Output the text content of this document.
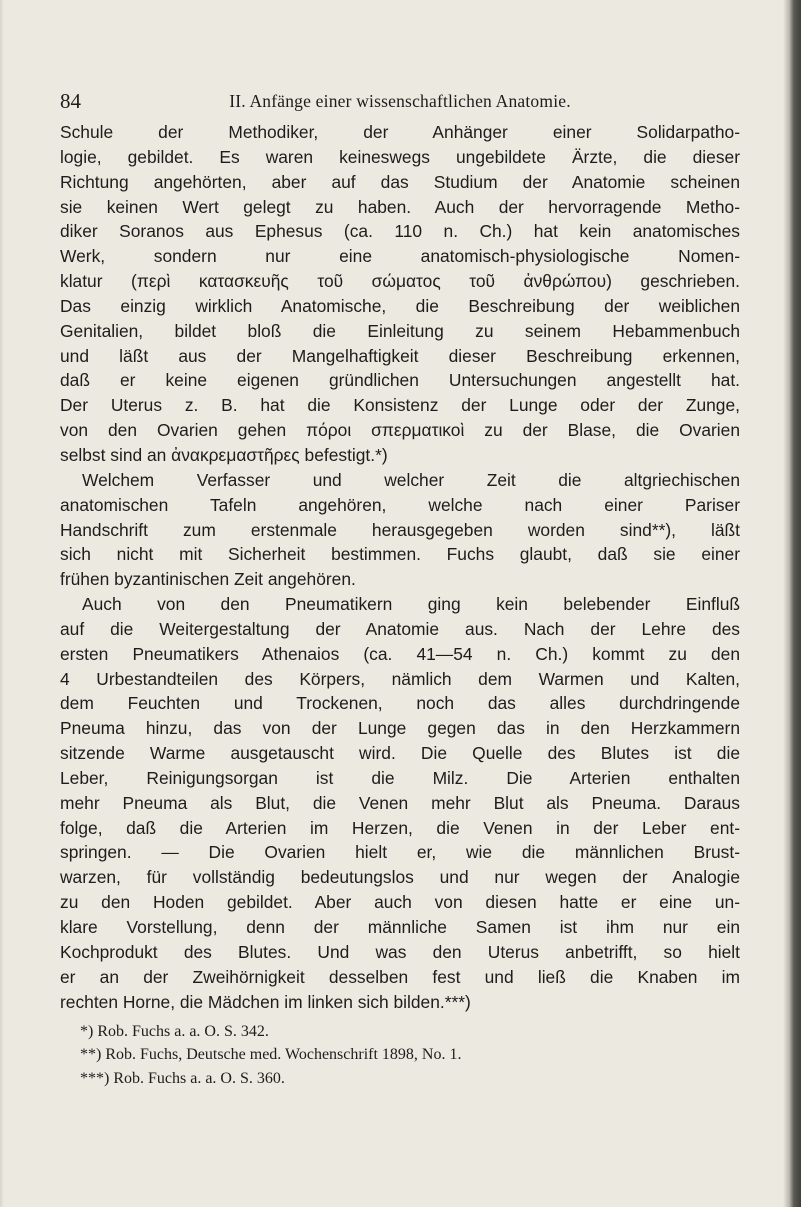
84	II. Anfänge einer wissenschaftlichen Anatomie.
Schule der Methodiker, der Anhänger einer Solidarpatho-
logie, gebildet. Es waren keineswegs ungebildete Ärzte, die dieser
Richtung angehörten, aber auf das Studium der Anatomie scheinen
sie keinen Wert gelegt zu haben. Auch der hervorragende Metho-
diker Soranos aus Ephesus (ca. 110 n. Ch.) hat kein anatomisches
Werk, sondern nur eine anatomisch-physiologische Nomen-
klatur (περὶ κατασκευῆς τοῦ σώματος τοῦ ἀνθρώπου) geschrieben.
Das einzig wirklich Anatomische, die Beschreibung der weiblichen
Genitalien, bildet bloß die Einleitung zu seinem Hebammenbuch
und läßt aus der Mangelhaftigkeit dieser Beschreibung erkennen,
daß er keine eigenen gründlichen Untersuchungen angestellt hat.
Der Uterus z. B. hat die Konsistenz der Lunge oder der Zunge,
von den Ovarien gehen πόροι σπερματικοὶ zu der Blase, die Ovarien
selbst sind an ἀνακρεμαστῆρες befestigt.*)
Welchem Verfasser und welcher Zeit die altgriechischen
anatomischen Tafeln angehören, welche nach einer Pariser
Handschrift zum erstenmale herausgegeben worden sind**), läßt
sich nicht mit Sicherheit bestimmen. Fuchs glaubt, daß sie einer
frühen byzantinischen Zeit angehören.
Auch von den Pneumatikern ging kein belebender Einfluß
auf die Weitergestaltung der Anatomie aus. Nach der Lehre des
ersten Pneumatikers Athenaios (ca. 41—54 n. Ch.) kommt zu den
4 Urbestandteilen des Körpers, nämlich dem Warmen und Kalten,
dem Feuchten und Trockenen, noch das alles durchdringende
Pneuma hinzu, das von der Lunge gegen das in den Herzkammern
sitzende Warme ausgetauscht wird. Die Quelle des Blutes ist die
Leber, Reinigungsorgan ist die Milz. Die Arterien enthalten
mehr Pneuma als Blut, die Venen mehr Blut als Pneuma. Daraus
folge, daß die Arterien im Herzen, die Venen in der Leber ent-
springen. — Die Ovarien hielt er, wie die männlichen Brust-
warzen, für vollständig bedeutungslos und nur wegen der Analogie
zu den Hoden gebildet. Aber auch von diesen hatte er eine un-
klare Vorstellung, denn der männliche Samen ist ihm nur ein
Kochprodukt des Blutes. Und was den Uterus anbetrifft, so hielt
er an der Zweihörnigkeit desselben fest und ließ die Knaben im
rechten Horne, die Mädchen im linken sich bilden.***)
*) Rob. Fuchs a. a. O. S. 342.
**) Rob. Fuchs, Deutsche med. Wochenschrift 1898, No. 1.
***) Rob. Fuchs a. a. O. S. 360.
